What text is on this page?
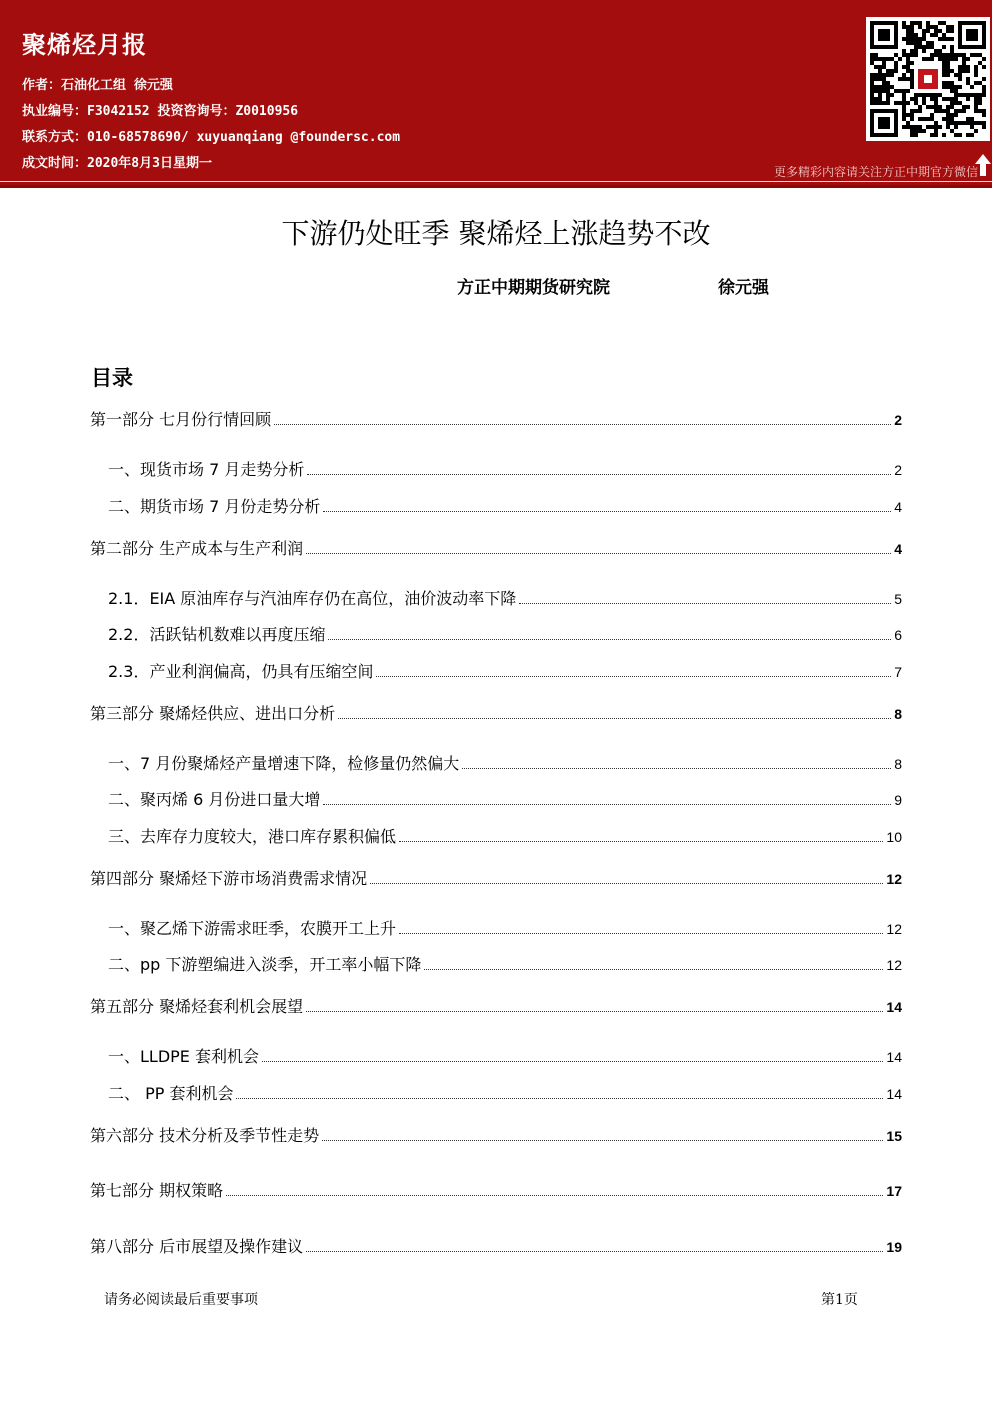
聚烯烃月报
作者：石油化工组 徐元强
执业编号：F3042152 投资咨询号：Z0010956
联系方式：010-68578690/ xuyuanqiang @foundersc.com
成文时间：2020年8月3日星期一
更多精彩内容请关注方正中期官方微信
下游仍处旺季 聚烯烃上涨趋势不改
方正中期期货研究院	徐元强
目录
第一部分 七月份行情回顾	2
一、现货市场 7 月走势分析	2
二、期货市场 7 月份走势分析	4
第二部分 生产成本与生产利润	4
2.1．EIA 原油库存与汽油库存仍在高位，油价波动率下降	5
2.2．活跃钻机数难以再度压缩	6
2.3．产业利润偏高，仍具有压缩空间	7
第三部分 聚烯烃供应、进出口分析	8
一、7 月份聚烯烃产量增速下降，检修量仍然偏大	8
二、聚丙烯 6 月份进口量大增	9
三、去库存力度较大，港口库存累积偏低	10
第四部分 聚烯烃下游市场消费需求情况	12
一、聚乙烯下游需求旺季，农膜开工上升	12
二、pp 下游塑编进入淡季，开工率小幅下降	12
第五部分 聚烯烃套利机会展望	14
一、LLDPE 套利机会	14
二、 PP 套利机会	14
第六部分 技术分析及季节性走势	15
第七部分 期权策略	17
第八部分 后市展望及操作建议	19
请务必阅读最后重要事项	第1页
